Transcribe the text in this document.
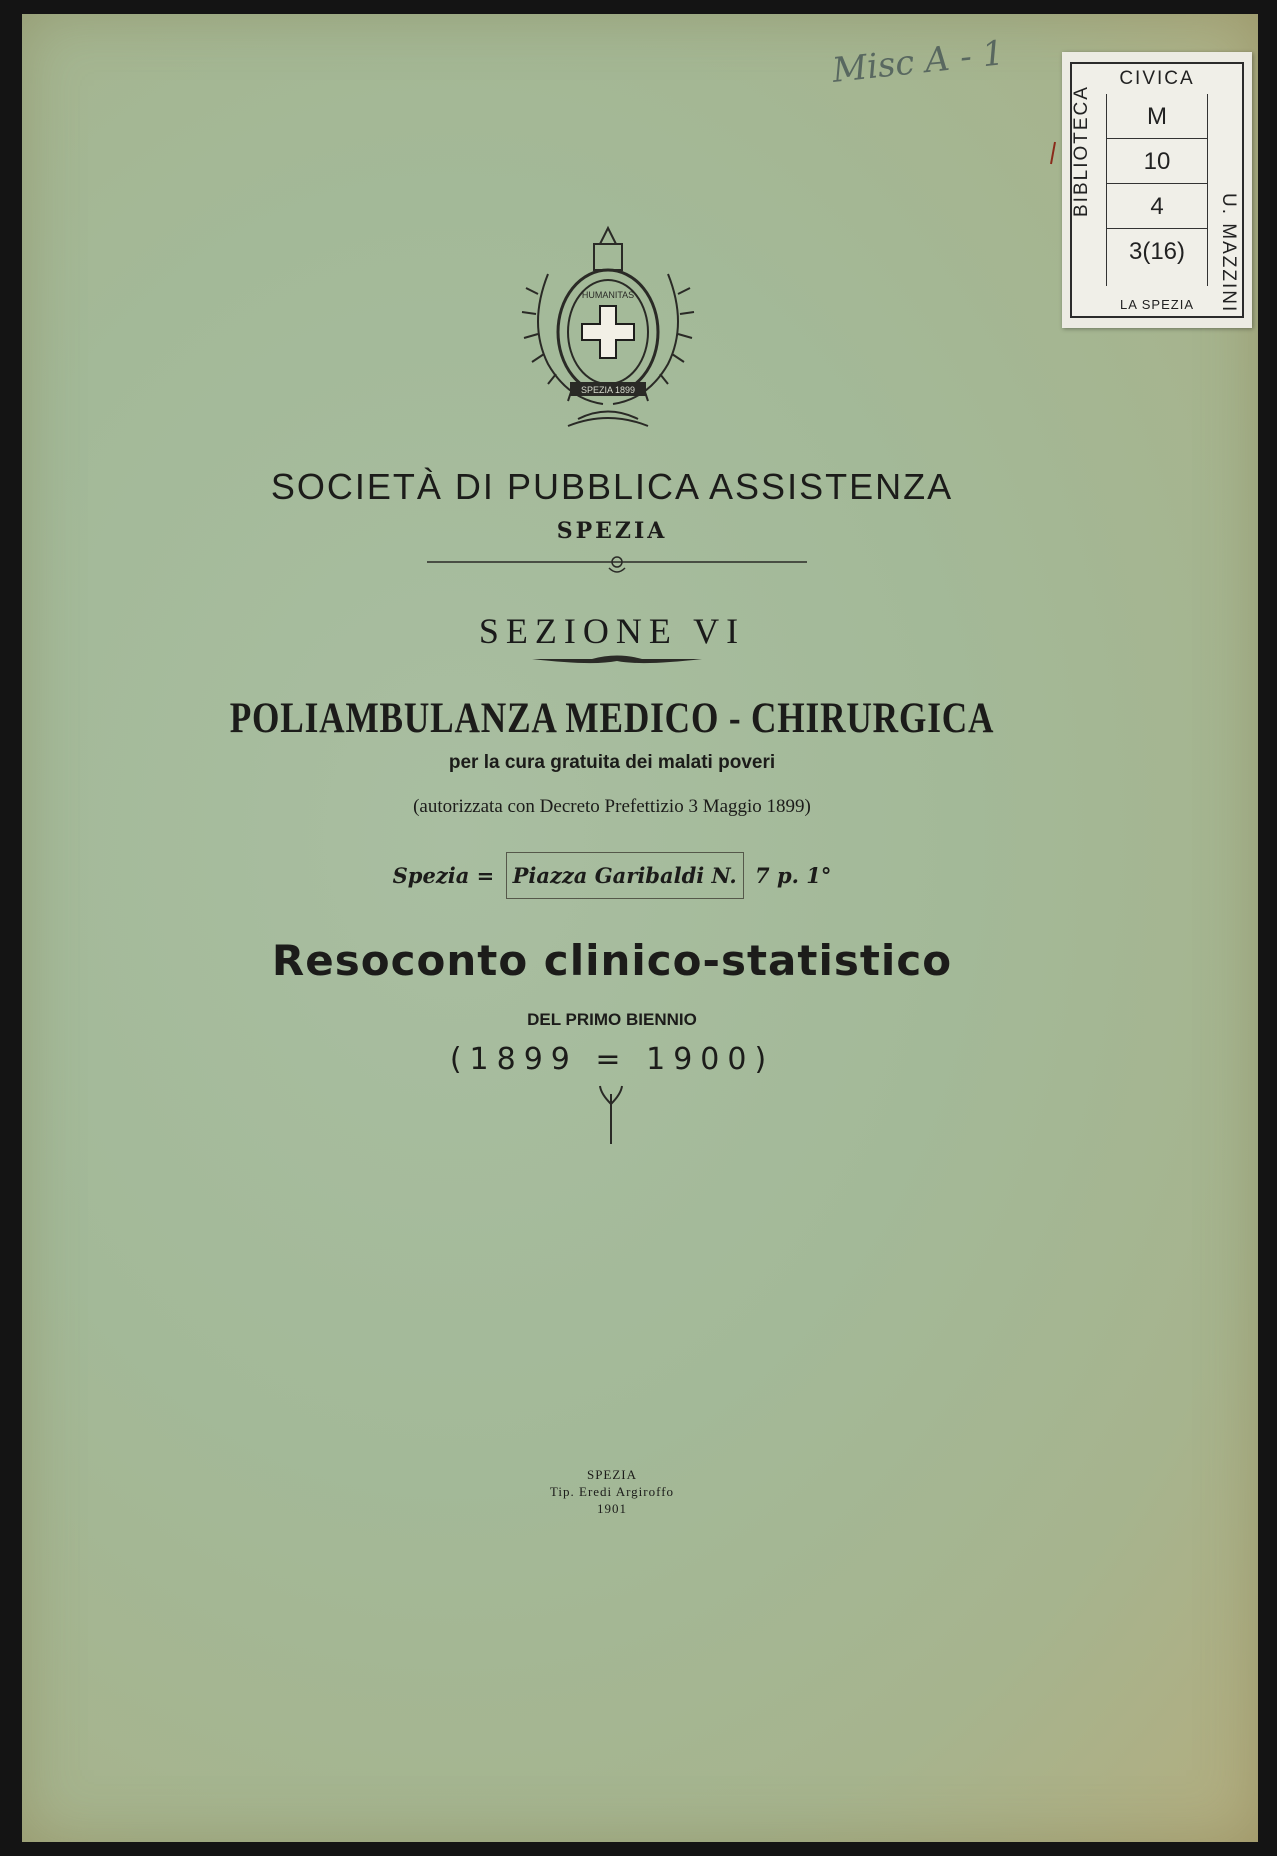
SPEZIA 1899
HUMANITAS
SOCIETÀ DI PUBBLICA ASSISTENZA
SPEZIA
SEZIONE VI
POLIAMBULANZA MEDICO - CHIRURGICA
per la cura gratuita dei malati poveri
(autorizzata con Decreto Prefettizio 3 Maggio 1899)
Spezia = Piazza Garibaldi N. 7 p. 1°
Resoconto clinico-statistico
DEL PRIMO BIENNIO
(1899 = 1900)
SPEZIA
Tip. Eredi Argiroffo
1901
Misc A - 1	CIVICA
BIBLIOTECA
U. MAZZINI
LA SPEZIA
M
10
4
3(16)
